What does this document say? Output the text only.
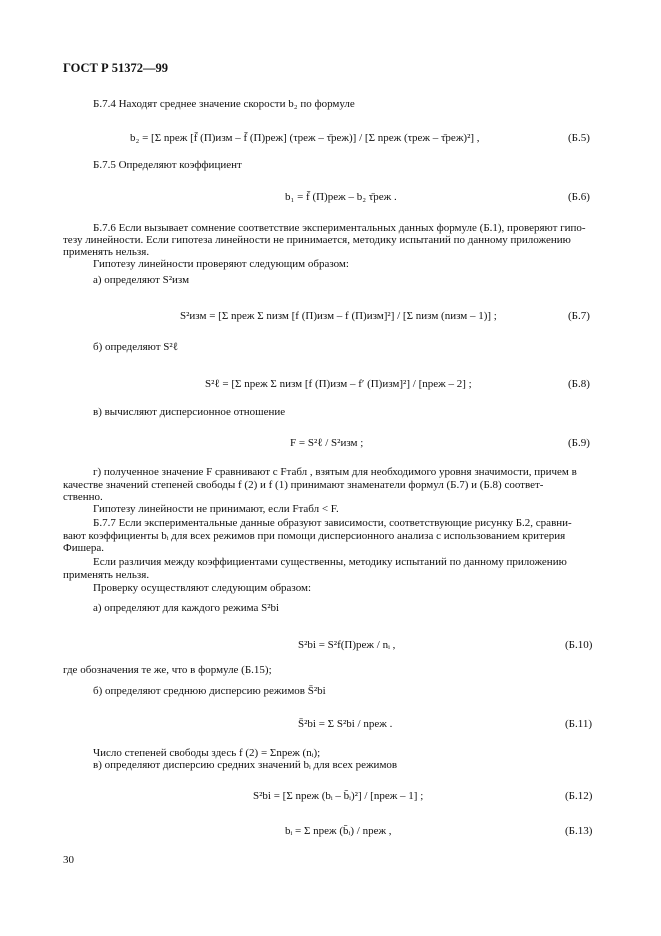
ГОСТ Р 51372—99
Б.7.4 Находят среднее значение скорости b₂ по формуле
b₂ = [Σ nреж [f̄ (П)изм – f̄ (П)реж] (τреж – τ̄реж)] / [Σ nреж (τреж – τ̄реж)²] ,	(Б.5)
Б.7.5 Определяют коэффициент
b₁ = f̄ (П)реж – b₂ τ̄реж .	(Б.6)
Б.7.6 Если вызывает сомнение соответствие экспериментальных данных формуле (Б.1), проверяют гипо-
тезу линейности. Если гипотеза линейности не принимается, методику испытаний по данному приложению
применять нельзя.
Гипотезу линейности проверяют следующим образом:
а) определяют S²изм
S²изм = [Σ nреж Σ nизм [f (П)изм – f (П)изм]²] / [Σ nизм (nизм – 1)] ;	(Б.7)
б) определяют S²ℓ
S²ℓ = [Σ nреж Σ nизм [f (П)изм – f′ (П)изм]²] / [nреж – 2] ;	(Б.8)
в) вычисляют дисперсионное отношение
F = S²ℓ / S²изм ;	(Б.9)
г) полученное значение F сравнивают с Fтабл , взятым для необходимого уровня значимости, причем в
качестве значений степеней свободы f (2) и f (1) принимают знаменатели формул (Б.7) и (Б.8) соответ-
ственно.
Гипотезу линейности не принимают, если Fтабл < F.
Б.7.7 Если экспериментальные данные образуют зависимости, соответствующие рисунку Б.2, сравни-
вают коэффициенты bᵢ для всех режимов при помощи дисперсионного анализа с использованием критерия
Фишера.
Если различия между коэффициентами существенны, методику испытаний по данному приложению
применять нельзя.
Проверку осуществляют следующим образом:
а) определяют для каждого режима S²bi
S²bi = S²f(П)реж / nᵢ ,	(Б.10)
где обозначения те же, что в формуле (Б.15);
б) определяют среднюю дисперсию режимов S̄²bi
S̄²bi = Σ S²bi / nреж .	(Б.11)
Число степеней свободы здесь f (2) = Σnреж (nᵢ);
в) определяют дисперсию средних значений bᵢ для всех режимов
S²bi = [Σ nреж (bᵢ – b̄ᵢ)²] / [nреж – 1] ;	(Б.12)
bᵢ = Σ nреж (b̄ᵢ) / nреж ,	(Б.13)
30
